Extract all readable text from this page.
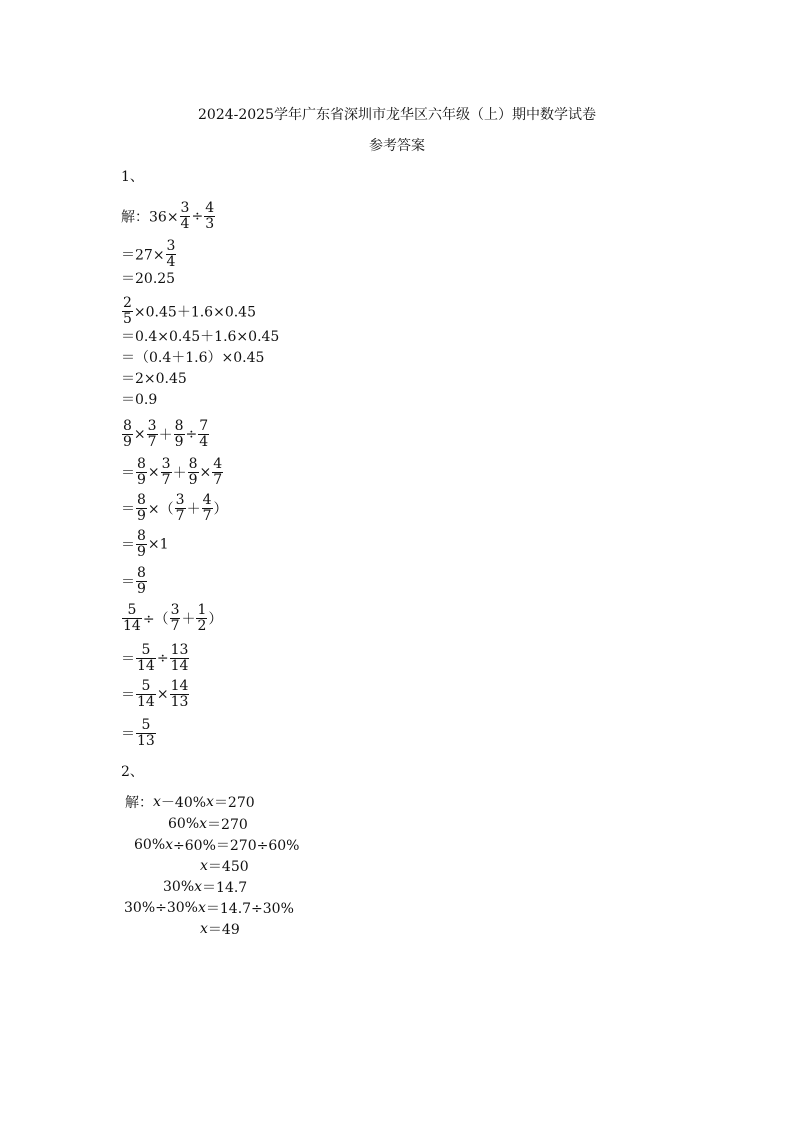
2024-2025学年广东省深圳市龙华区六年级（上）期中数学试卷
参考答案
1、
解：$36\times \frac{3}{4} \div \frac{4}{3}$
$=27\times \frac{3}{4}$
＝20.25
$\frac{2}{5} \times 0.45+1.6\times 0.45$
＝0.4×0.45＋1.6×0.45
＝（0.4＋1.6）×0.45
＝2×0.45
＝0.9
$\frac{8}{9} \times \frac{3}{7} + \frac{8}{9} \div \frac{7}{4}$
＝ $\frac{8}{9} \times \frac{3}{7} + \frac{8}{9} \times \frac{4}{7}$
＝ $\frac{8}{9}$ ×（ $\frac{3}{7} + \frac{4}{7}$ ）
＝ $\frac{8}{9} \times 1$
＝ $\frac{8}{9}$
$\frac{5}{14}$ ÷（ $\frac{3}{7} + \frac{1}{2}$ ）
＝ $\frac{5}{14} \div \frac{13}{14}$
＝ $\frac{5}{14} \times \frac{14}{13}$
＝ $\frac{5}{13}$
2、
解：x－40%x＝270
60%x＝270
60%x÷60%＝270÷60%
x＝450
30%x＝14.7
30%÷30%x＝14.7÷30%
x＝49
